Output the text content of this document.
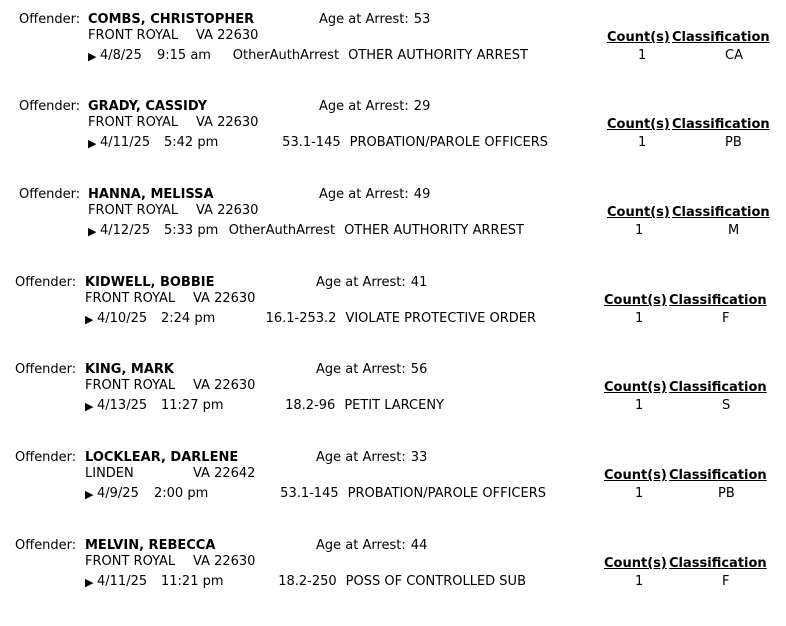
Offender: COMBS, CHRISTOPHER	Age at Arrest: 53
FRONT ROYAL VA 22630
▶ 4/8/25 9:15 am OtherAuthArrest OTHER AUTHORITY ARREST
Count(s) Classification
1	CA
Offender: GRADY, CASSIDY	Age at Arrest: 29
FRONT ROYAL VA 22630
▶ 4/11/25 5:42 pm	53.1-145 PROBATION/PAROLE OFFICERS
Count(s) Classification
1	PB
Offender: HANNA, MELISSA	Age at Arrest: 49
FRONT ROYAL VA 22630
▶ 4/12/25 5:33 pm OtherAuthArrest OTHER AUTHORITY ARREST
Count(s) Classification
1	M
Offender: KIDWELL, BOBBIE	Age at Arrest: 41
FRONT ROYAL VA 22630
▶ 4/10/25 2:24 pm	16.1-253.2 VIOLATE PROTECTIVE ORDER
Count(s) Classification
1	F
Offender: KING, MARK	Age at Arrest: 56
FRONT ROYAL VA 22630
▶ 4/13/25 11:27 pm	18.2-96 PETIT LARCENY
Count(s) Classification
1	S
Offender: LOCKLEAR, DARLENE	Age at Arrest: 33
LINDEN	VA 22642
▶ 4/9/25 2:00 pm	53.1-145 PROBATION/PAROLE OFFICERS
Count(s) Classification
1	PB
Offender: MELVIN, REBECCA	Age at Arrest: 44
FRONT ROYAL VA 22630
▶ 4/11/25 11:21 pm	18.2-250 POSS OF CONTROLLED SUB
Count(s) Classification
1	F
